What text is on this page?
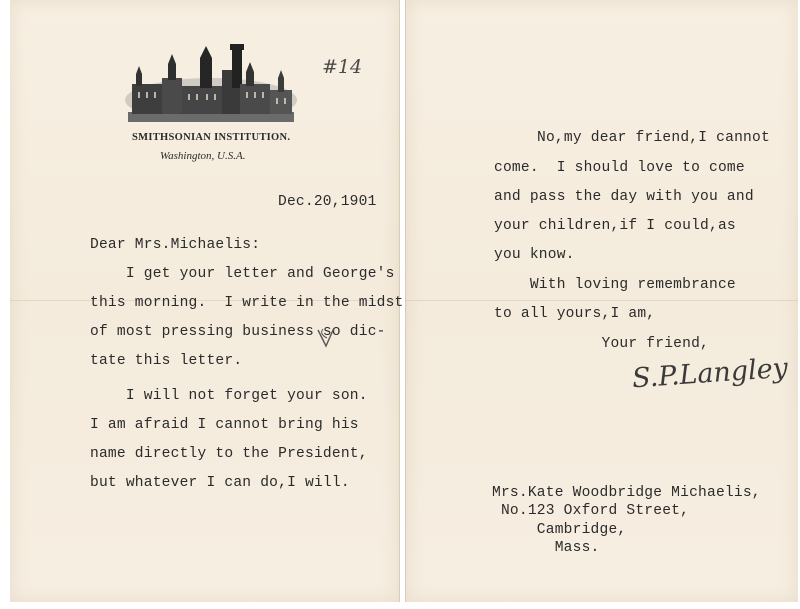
SMITHSONIAN INSTITUTION.
Washington, U.S.A.
#14
Dec.20,1901
Dear Mrs.Michaelis:
I get your letter and George's
this morning.  I write in the midst
of most pressing business so dic-
tate this letter.
I will not forget your son.
I am afraid I cannot bring his
name directly to the President,
but whatever I can do,I will.
No,my dear friend,I cannot
come.  I should love to come
and pass the day with you and
your children,if I could,as
you know.
With loving remembrance
to all yours,I am,
Your friend,
S.P.Langley
Mrs.Kate Woodbridge Michaelis,
No.123 Oxford Street,
Cambridge,
Mass.
